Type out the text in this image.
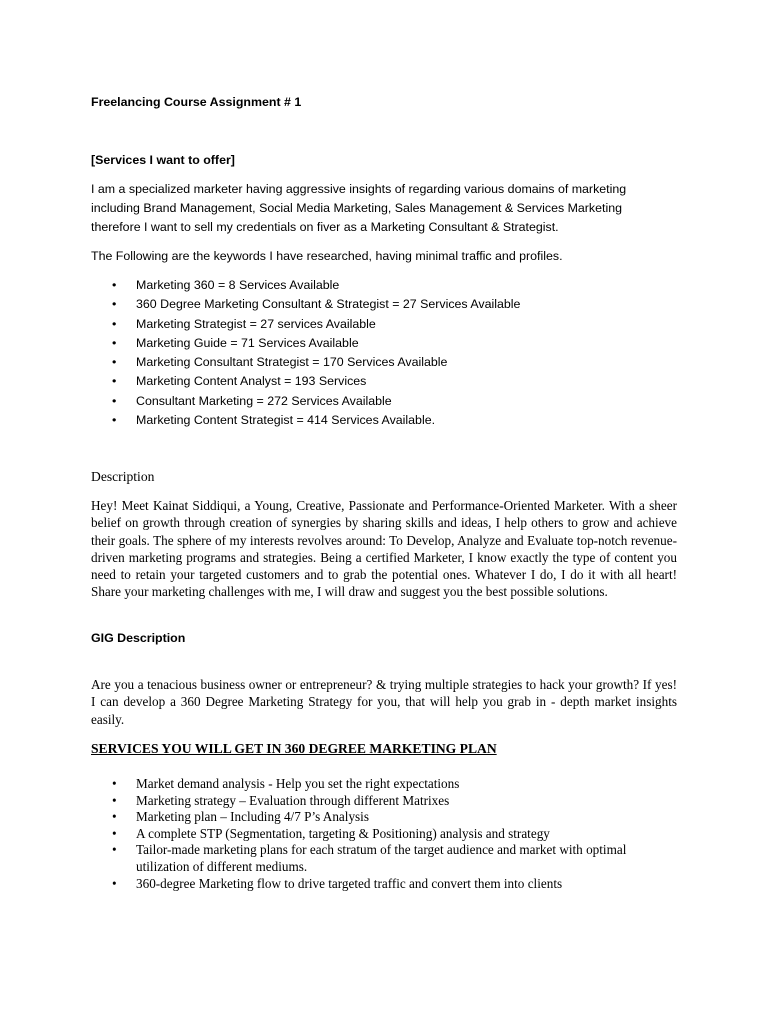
Freelancing Course Assignment # 1
[Services I want to offer]
I am a specialized marketer having aggressive insights of regarding various domains of marketing
including Brand Management, Social Media Marketing, Sales Management & Services Marketing
therefore I want to sell my credentials on fiver as a Marketing Consultant & Strategist.
The Following are the keywords I have researched, having minimal traffic and profiles.
• Marketing 360 = 8 Services Available
• 360 Degree Marketing Consultant & Strategist = 27 Services Available
• Marketing Strategist = 27 services Available
• Marketing Guide = 71 Services Available
• Marketing Consultant Strategist = 170 Services Available
• Marketing Content Analyst = 193 Services
• Consultant Marketing = 272 Services Available
• Marketing Content Strategist = 414 Services Available.
Description
Hey! Meet Kainat Siddiqui, a Young, Creative, Passionate and Performance-Oriented Marketer. With a sheer belief on growth through creation of synergies by sharing skills and ideas, I help others to grow and achieve their goals. The sphere of my interests revolves around: To Develop, Analyze and Evaluate top-notch revenue-driven marketing programs and strategies. Being a certified Marketer, I know exactly the type of content you need to retain your targeted customers and to grab the potential ones. Whatever I do, I do it with all heart! Share your marketing challenges with me, I will draw and suggest you the best possible solutions.
GIG Description
Are you a tenacious business owner or entrepreneur? & trying multiple strategies to hack your growth? If yes! I can develop a 360 Degree Marketing Strategy for you, that will help you grab in - depth market insights easily.
SERVICES YOU WILL GET IN 360 DEGREE MARKETING PLAN
• Market demand analysis - Help you set the right expectations
• Marketing strategy – Evaluation through different Matrixes
• Marketing plan – Including 4/7 P’s Analysis
• A complete STP (Segmentation, targeting & Positioning) analysis and strategy
• Tailor-made marketing plans for each stratum of the target audience and market with optimal utilization of different mediums.
• 360-degree Marketing flow to drive targeted traffic and convert them into clients
